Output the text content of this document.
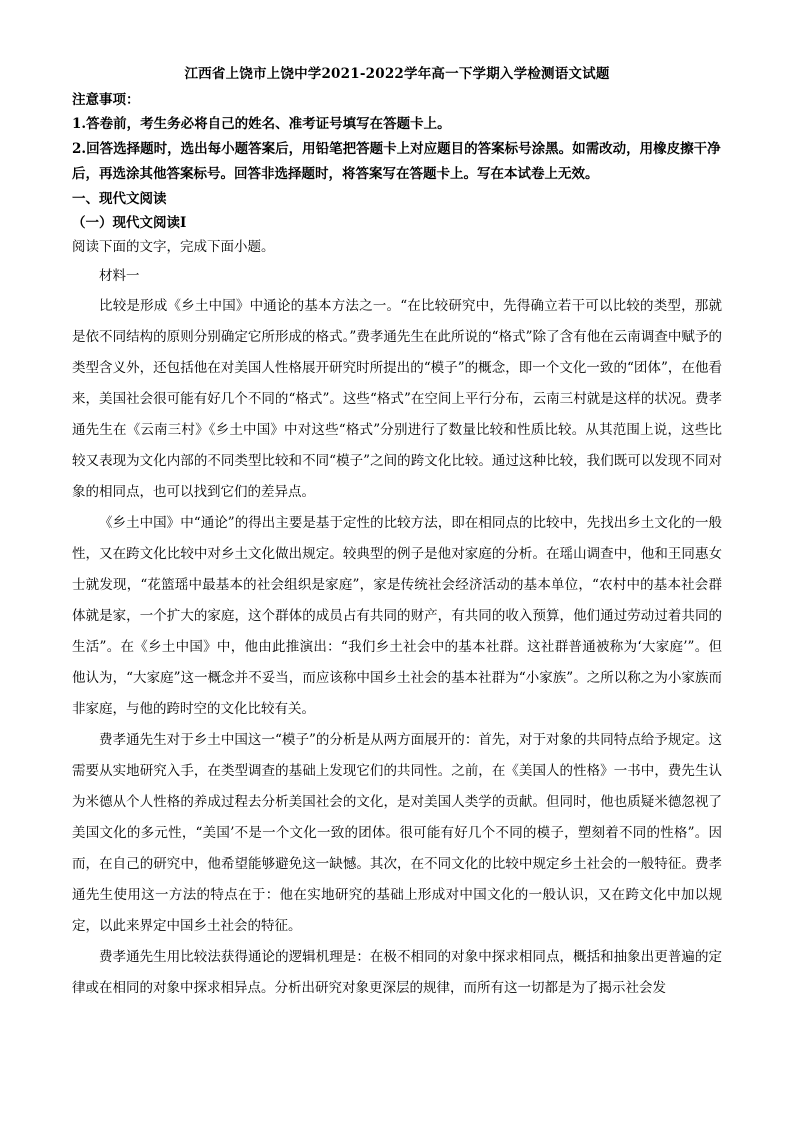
江西省上饶市上饶中学2021-2022学年高一下学期入学检测语文试题

注意事项：

1.答卷前，考生务必将自己的姓名、准考证号填写在答题卡上。

2.回答选择题时，选出每小题答案后，用铅笔把答题卡上对应题目的答案标号涂黑。如需改动，用橡皮擦干净后，再选涂其他答案标号。回答非选择题时，将答案写在答题卡上。写在本试卷上无效。

一、现代文阅读

（一）现代文阅读Ⅰ

阅读下面的文字，完成下面小题。

材料一

比较是形成《乡土中国》中通论的基本方法之一。“在比较研究中，先得确立若干可以比较的类型，那就是依不同结构的原则分别确定它所形成的格式。”费孝通先生在此所说的“格式”除了含有他在云南调查中赋予的类型含义外，还包括他在对美国人性格展开研究时所提出的“模子”的概念，即一个文化一致的“团体”，在他看来，美国社会很可能有好几个不同的“格式”。这些“格式”在空间上平行分布，云南三村就是这样的状况。费孝通先生在《云南三村》《乡土中国》中对这些“格式”分别进行了数量比较和性质比较。从其范围上说，这些比较又表现为文化内部的不同类型比较和不同“模子”之间的跨文化比较。通过这种比较，我们既可以发现不同对象的相同点，也可以找到它们的差异点。

《乡土中国》中“通论”的得出主要是基于定性的比较方法，即在相同点的比较中，先找出乡土文化的一般性，又在跨文化比较中对乡土文化做出规定。较典型的例子是他对家庭的分析。在瑶山调查中，他和王同惠女士就发现，“花篮瑶中最基本的社会组织是家庭”，家是传统社会经济活动的基本单位，“农村中的基本社会群体就是家，一个扩大的家庭，这个群体的成员占有共同的财产，有共同的收入预算，他们通过劳动过着共同的生活”。在《乡土中国》中，他由此推演出：“我们乡土社会中的基本社群。这社群普通被称为‘大家庭’”。但他认为，“大家庭”这一概念并不妥当，而应该称中国乡土社会的基本社群为“小家族”。之所以称之为小家族而非家庭，与他的跨时空的文化比较有关。

费孝通先生对于乡土中国这一“模子”的分析是从两方面展开的：首先，对于对象的共同特点给予规定。这需要从实地研究入手，在类型调查的基础上发现它们的共同性。之前，在《美国人的性格》一书中，费先生认为米德从个人性格的养成过程去分析美国社会的文化，是对美国人类学的贡献。但同时，他也质疑米德忽视了美国文化的多元性，“美国’不是一个文化一致的团体。很可能有好几个不同的模子，塑刻着不同的性格”。因而，在自己的研究中，他希望能够避免这一缺憾。其次，在不同文化的比较中规定乡土社会的一般特征。费孝通先生使用这一方法的特点在于：他在实地研究的基础上形成对中国文化的一般认识，又在跨文化中加以规定，以此来界定中国乡土社会的特征。

费孝通先生用比较法获得通论的逻辑机理是：在极不相同的对象中探求相同点，概括和抽象出更普遍的定律或在相同的对象中探求相异点。分析出研究对象更深层的规律，而所有这一切都是为了揭示社会发
